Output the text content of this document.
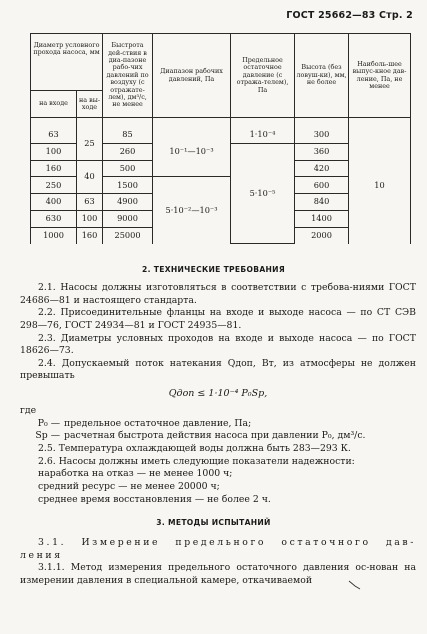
ГОСТ 25662—83 Стр. 2
Диаметр условного прохода насоса, мм		Быстрота дей-ствия в диа-пазоне рабо-чих давлений по воздуху (с отражате-лем), дм³/с, не менее	Диапазон рабочих давлений, Па	Предельное остаточное давление (с отража-телем), Па	Высота (без ловуш-ки), мм, не более	Наиболь-шее выпус-кное дав-ление, Па, не менее
на входе	на вы-ходе					

63	25	85	10⁻¹—10⁻³	1·10⁻⁴	300	10
100		260		5·10⁻⁵	360	
160	40	500			420	
250		1500	5·10⁻²—10⁻³		600	
400	63	4900			840	
630	100	9000			1400	
1000	160	25000			2000	
2. ТЕХНИЧЕСКИЕ ТРЕБОВАНИЯ

2.1. Насосы должны изготовляться в соответствии с требова-ниями ГОСТ 24686—81 и настоящего стандарта.

2.2. Присоединительные фланцы на входе и выходе насоса — по СТ СЭВ 298—76, ГОСТ 24934—81 и ГОСТ 24935—81.

2.3. Диаметры условных проходов на входе и выходе насоса — по ГОСТ 18626—73.

2.4. Допускаемый поток натекания Qдоп, Вт, из атмосферы не должен превышать

Qдоп ≤ 1·10⁻⁴ P₀Sр,

где

P₀ — предельное остаточное давление, Па;
Sр — расчетная быстрота действия насоса при давлении P₀, дм³/с.

2.5. Температура охлаждающей воды должна быть 283—293 К.

2.6. Насосы должны иметь следующие показатели надежности:

наработка на отказ — не менее 1000 ч;

средний ресурс — не менее 20000 ч;

среднее время восстановления — не более 2 ч.

3. МЕТОДЫ ИСПЫТАНИЙ

3.1. Измерение предельного остаточного дав-ления

3.1.1. Метод измерения предельного остаточного давления ос-нован на измерении давления в специальной камере, откачиваемой
